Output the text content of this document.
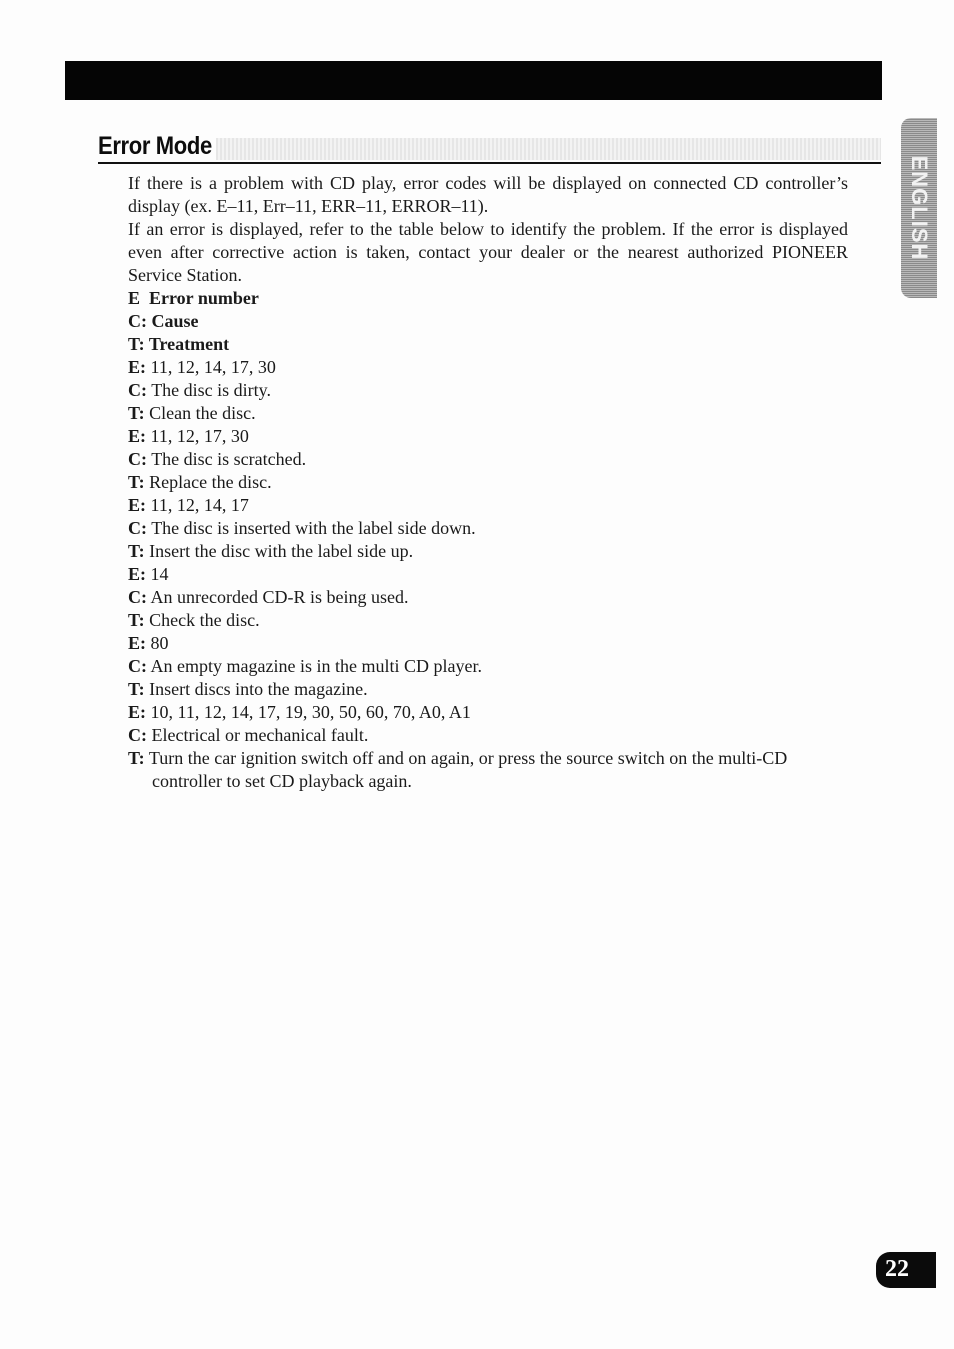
Error Mode
ENGLISH

If there is a problem with CD play, error codes will be displayed on connected CD controller’s display (ex. E–11, Err–11, ERR–11, ERROR–11).

If an error is displayed, refer to the table below to identify the problem. If the error is displayed even after corrective action is taken, contact your dealer or the nearest authorized PIONEER Service Station.

E  Error number
C: Cause
T: Treatment
E: 11, 12, 14, 17, 30
C: The disc is dirty.
T: Clean the disc.
E: 11, 12, 17, 30
C: The disc is scratched.
T: Replace the disc.
E: 11, 12, 14, 17
C: The disc is inserted with the label side down.
T: Insert the disc with the label side up.
E: 14
C: An unrecorded CD-R is being used.
T: Check the disc.
E: 80
C: An empty magazine is in the multi CD player.
T: Insert discs into the magazine.
E: 10, 11, 12, 14, 17, 19, 30, 50, 60, 70, A0, A1
C: Electrical or mechanical fault.
T: Turn the car ignition switch off and on again, or press the source switch on the multi-CD controller to set CD playback again.
22
